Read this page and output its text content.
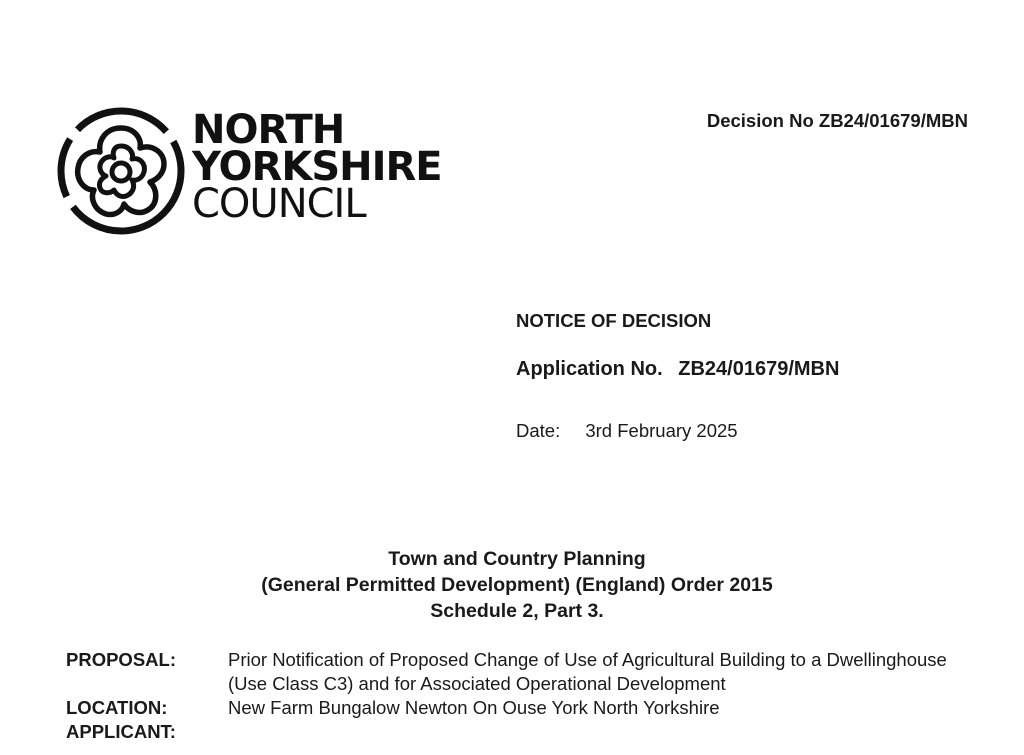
NORTH
YORKSHIRE
COUNCIL
Decision No ZB24/01679/MBN
NOTICE OF DECISION
Application No. ZB24/01679/MBN
Date: 3rd February 2025
Town and Country Planning
(General Permitted Development) (England) Order 2015
Schedule 2, Part 3.
PROPOSAL:	Prior Notification of Proposed Change of Use of Agricultural Building to a Dwellinghouse (Use Class C3) and for Associated Operational Development
LOCATION:	New Farm Bungalow Newton On Ouse York North Yorkshire
APPLICANT:
